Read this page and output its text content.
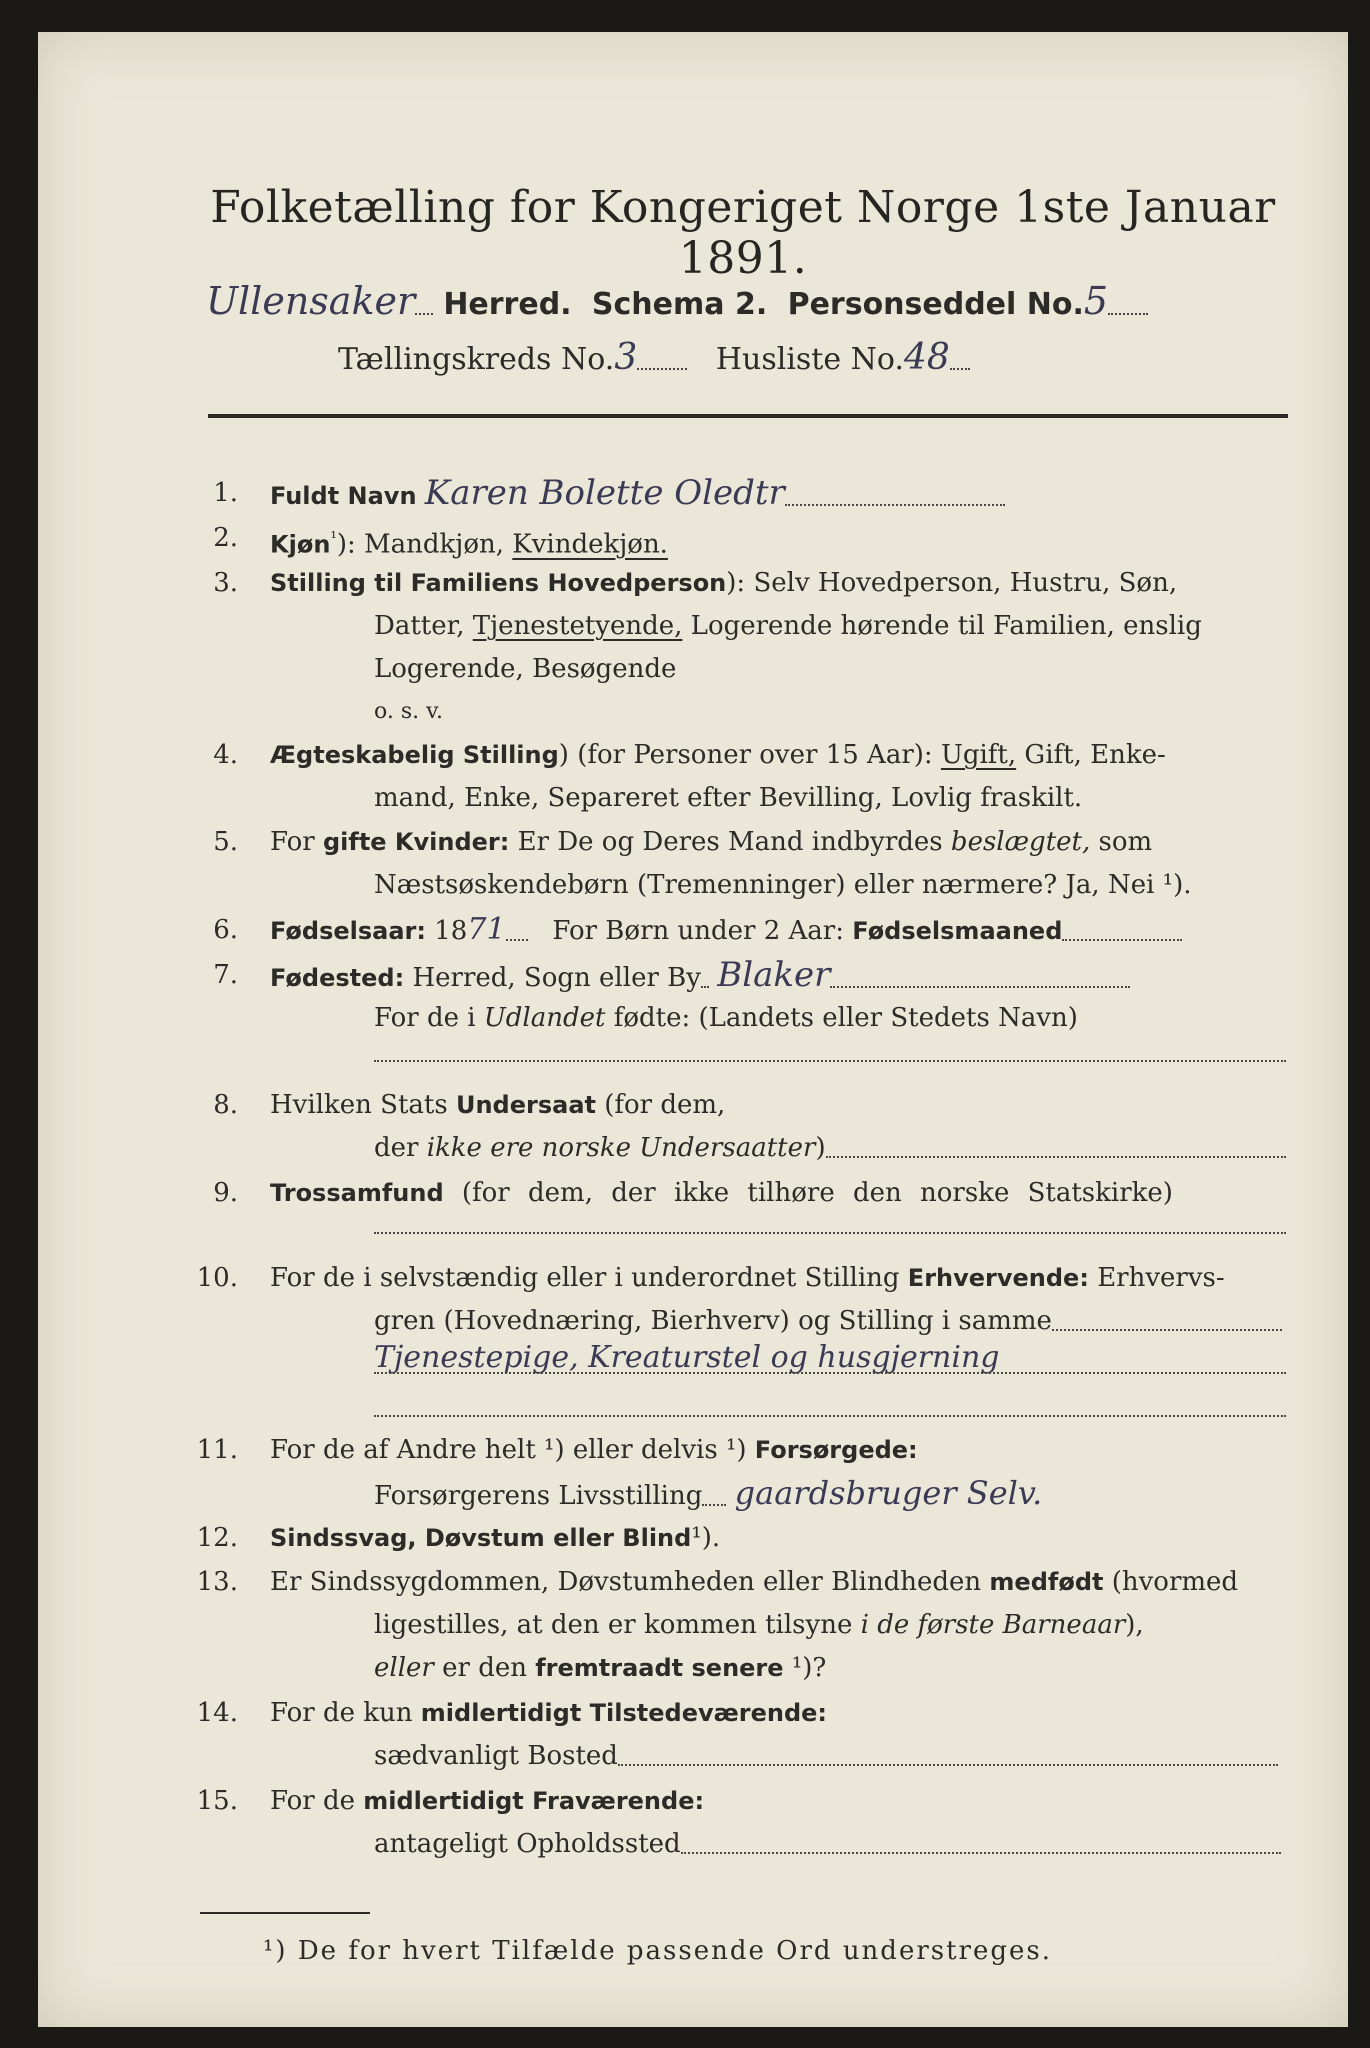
Folketælling for Kongeriget Norge 1ste Januar 1891.
Ullensaker Herred. Schema 2. Personseddel No.5
Tællingskreds No.3	Husliste No.48
1. Fuldt Navn Karen Bolette Oledtr
2. Kjøn$^{^1}$): Mandkjøn, Kvindekjøn.
3. Stilling til Familiens Hovedperson): Selv Hovedperson, Hustru, Søn,
Datter, Tjenestetyende, Logerende hørende til Familien, enslig
Logerende, Besøgende
o. s. v.
4. Ægteskabelig Stilling) (for Personer over 15 Aar): Ugift, Gift, Enke-
mand, Enke, Separeret efter Bevilling, Lovlig fraskilt.
5. For gifte Kvinder: Er De og Deres Mand indbyrdes beslægtet, som
Næstsøskendebørn (Tremenninger) eller nærmere? Ja, Nei ¹).
6. Fødselsaar: 1871 For Børn under 2 Aar: Fødselsmaaned
7. Fødested: Herred, Sogn eller By Blaker
For de i Udlandet fødte: (Landets eller Stedets Navn)
8. Hvilken Stats Undersaat (for dem,
der ikke ere norske Undersaatter)
9. Trossamfund (for dem, der ikke tilhøre den norske Statskirke)
10. For de i selvstændig eller i underordnet Stilling Erhvervende: Erhvervs-
gren (Hovednæring, Bierhverv) og Stilling i samme
Tjenestepige, Kreaturstel og husgjerning
11. For de af Andre helt ¹) eller delvis ¹) Forsørgede:
Forsørgerens Livsstilling gaardsbruger Selv.
12. Sindssvag, Døvstum eller Blind¹).
13. Er Sindssygdommen, Døvstumheden eller Blindheden medfødt (hvormed
ligestilles, at den er kommen tilsyne i de første Barneaar),
eller er den fremtraadt senere ¹)?
14. For de kun midlertidigt Tilstedeværende:
sædvanligt Bosted
15. For de midlertidigt Fraværende:
antageligt Opholdssted
¹) De for hvert Tilfælde passende Ord understreges.
